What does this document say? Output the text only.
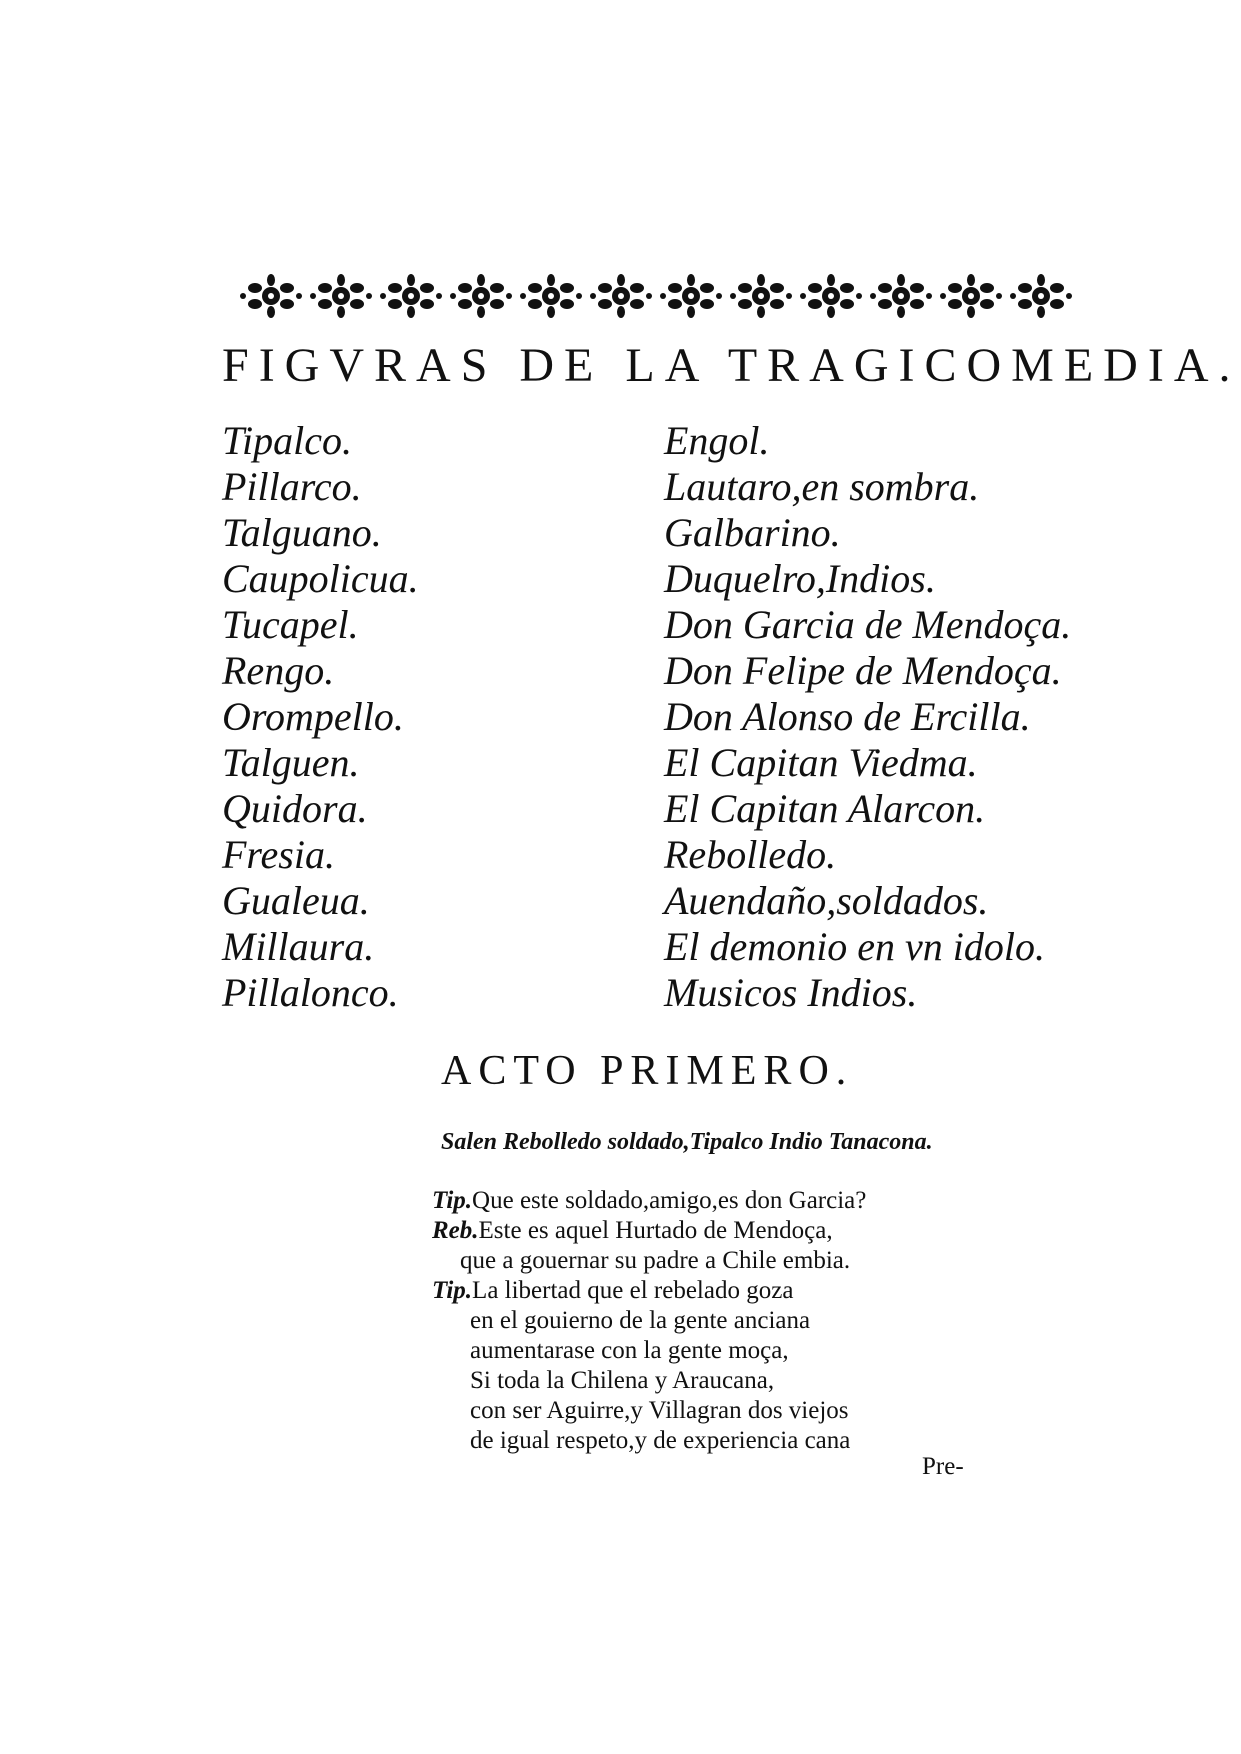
FIGVRAS DE LA TRAGICOMEDIA.
Tipalco.
Pillarco.
Talguano.
Caupolicua.
Tucapel.
Rengo.
Orompello.
Talguen.
Quidora.
Fresia.
Gualeua.
Millaura.
Pillalonco.
Engol.
Lautaro,en sombra.
Galbarino.
Duquelro,Indios.
Don Garcia de Mendoça.
Don Felipe de Mendoça.
Don Alonso de Ercilla.
El Capitan Viedma.
El Capitan Alarcon.
Rebolledo.
Auendaño,soldados.
El demonio en vn idolo.
Musicos Indios.
ACTO PRIMERO.

Salen Rebolledo soldado,Tipalco Indio Tanacona.

Tip.Que este soldado,amigo,es don Garcia?
Reb.Este es aquel Hurtado de Mendoça,
que a gouernar su padre a Chile embia.
Tip.La libertad que el rebelado goza
en el gouierno de la gente anciana
aumentarase con la gente moça,
Si toda la Chilena y Araucana,
con ser Aguirre,y Villagran dos viejos
de igual respeto,y de experiencia cana
Pre-
